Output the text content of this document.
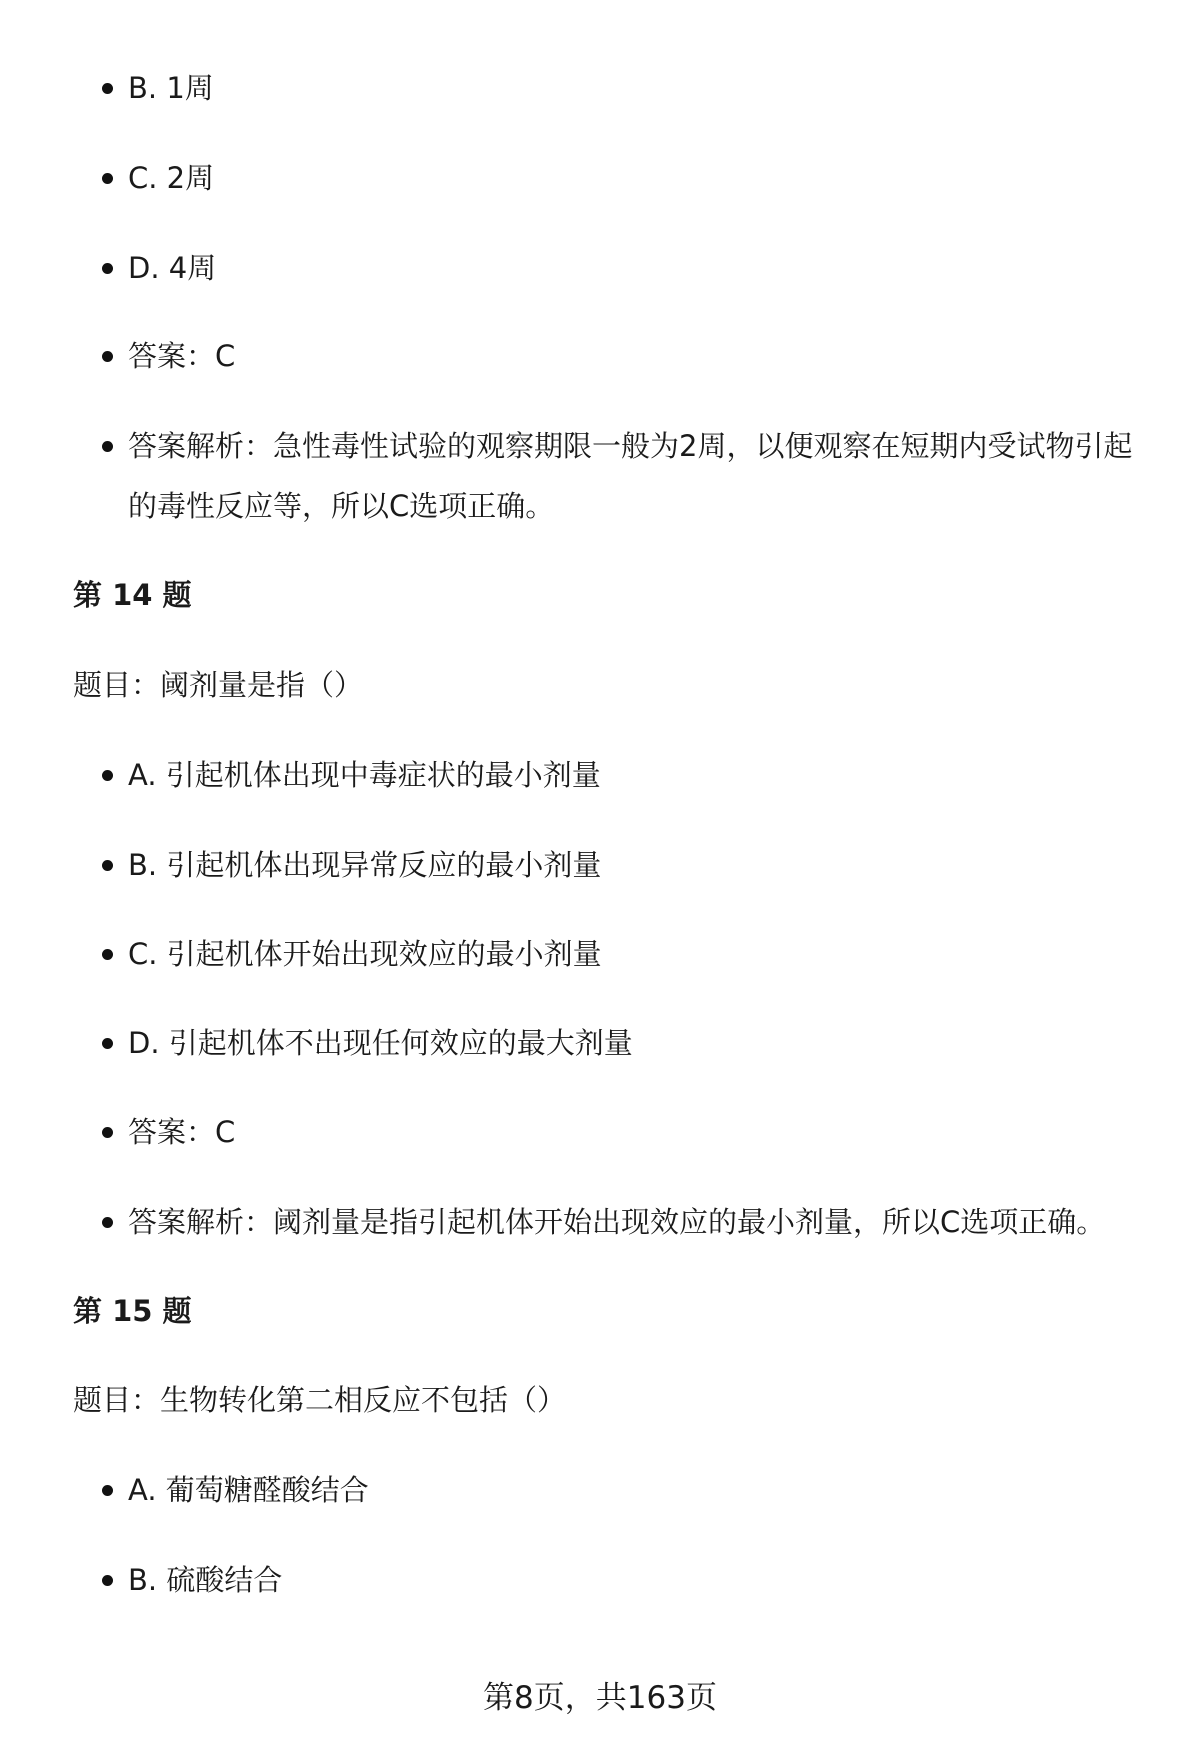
B. 1周
C. 2周
D. 4周
答案：C
答案解析：急性毒性试验的观察期限一般为2周，以便观察在短期内受试物引起的毒性反应等，所以C选项正确。
第 14 题

题目：阈剂量是指（）

A. 引起机体出现中毒症状的最小剂量
B. 引起机体出现异常反应的最小剂量
C. 引起机体开始出现效应的最小剂量
D. 引起机体不出现任何效应的最大剂量
答案：C
答案解析：阈剂量是指引起机体开始出现效应的最小剂量，所以C选项正确。
第 15 题

题目：生物转化第二相反应不包括（）

A. 葡萄糖醛酸结合
B. 硫酸结合
第8页，共163页
